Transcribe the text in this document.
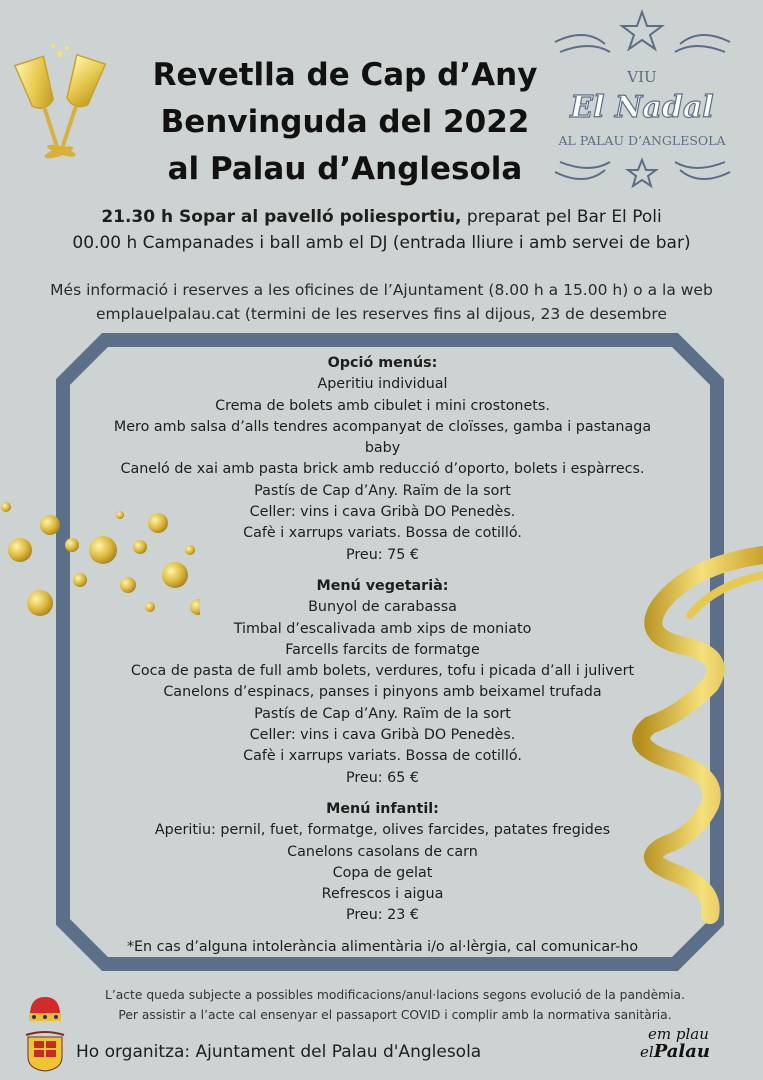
Revetlla de Cap d’Any
Benvinguda del 2022
al Palau d’Anglesola
VIU
El Nadal
AL PALAU D’ANGLESOLA
21.30 h Sopar al pavelló poliesportiu, preparat pel Bar El Poli
00.00 h Campanades i ball amb el DJ (entrada lliure i amb servei de bar)
Més informació i reserves a les oficines de l’Ajuntament (8.00 h a 15.00 h) o a la web
emplauelpalau.cat (termini de les reserves fins al dijous, 23 de desembre
Opció menús:
Aperitiu individual
Crema de bolets amb cibulet i mini crostonets.
Mero amb salsa d’alls tendres acompanyat de cloïsses, gamba i pastanaga baby
Caneló de xai amb pasta brick amb reducció d’oporto, bolets i espàrrecs.
Pastís de Cap d’Any. Raïm de la sort
Celler: vins i cava Gribà DO Penedès.
Cafè i xarrups variats. Bossa de cotilló.
Preu: 75 €
Menú vegetarià:
Bunyol de carabassa
Timbal d’escalivada amb xips de moniato
Farcells farcits de formatge
Coca de pasta de full amb bolets, verdures, tofu i picada d’all i julivert
Canelons d’espinacs, panses i pinyons amb beixamel trufada
Pastís de Cap d’Any. Raïm de la sort
Celler: vins i cava Gribà DO Penedès.
Cafè i xarrups variats. Bossa de cotilló.
Preu: 65 €
Menú infantil:
Aperitiu: pernil, fuet, formatge, olives farcides, patates fregides
Canelons casolans de carn
Copa de gelat
Refrescos i aigua
Preu: 23 €
*En cas d’alguna intolerància alimentària i/o al·lèrgia, cal comunicar-ho
L’acte queda subjecte a possibles modificacions/anul·lacions segons evolució de la pandèmia.
Per assistir a l’acte cal ensenyar el passaport COVID i complir amb la normativa sanitària.
Ho organitza: Ajuntament del Palau d'Anglesola
em plau
elPalau
